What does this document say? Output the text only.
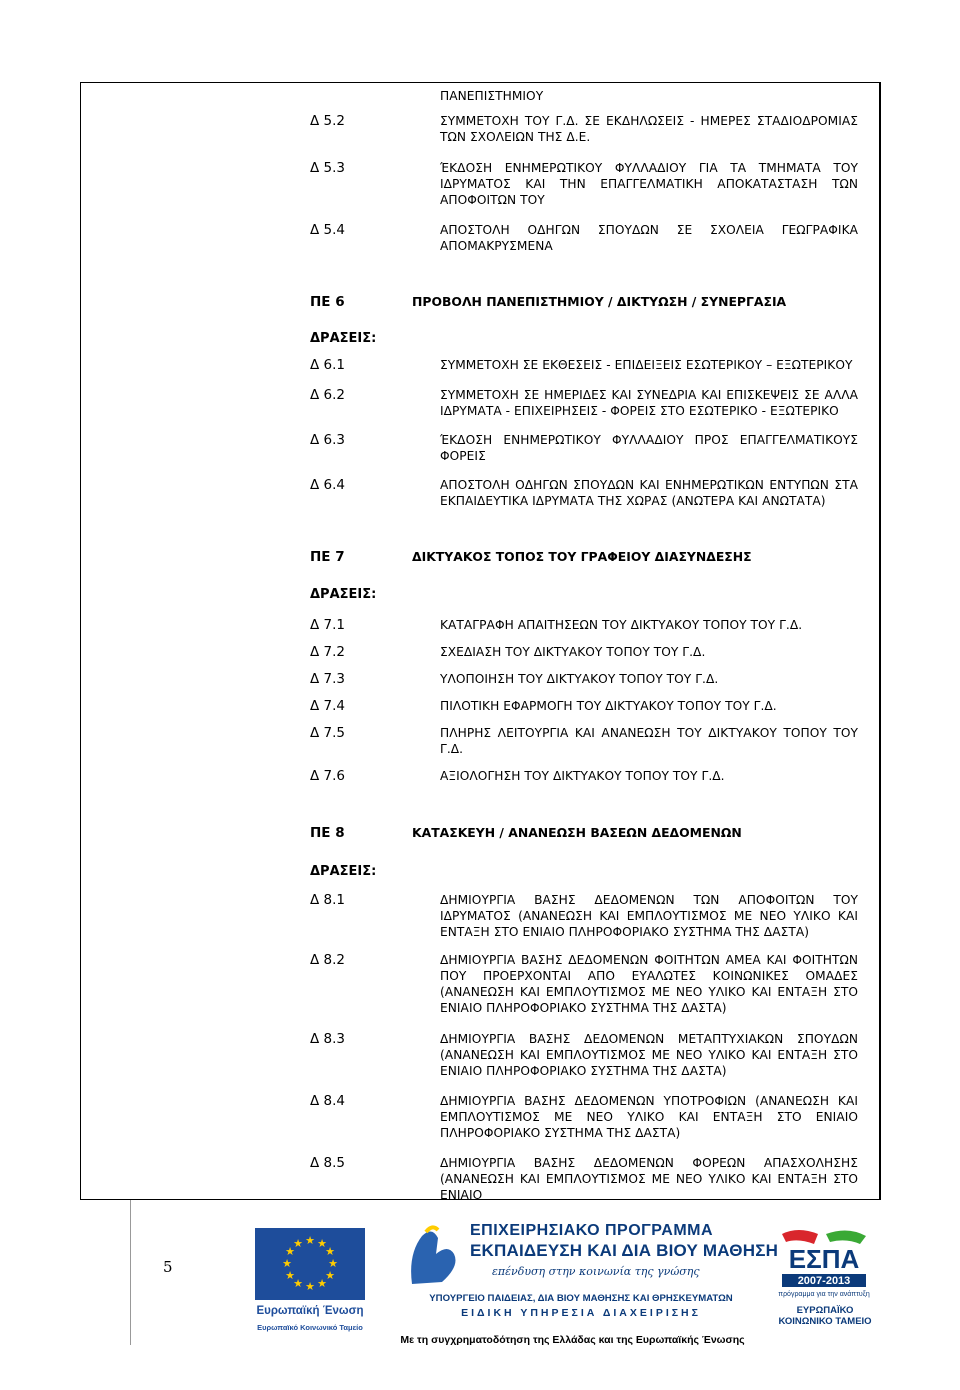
ΠΑΝΕΠΙΣΤΗΜΙΟΥ
Δ 5.2	ΣΥΜΜΕΤΟΧΗ ΤΟΥ Γ.Δ. ΣΕ ΕΚΔΗΛΩΣΕΙΣ - ΗΜΕΡΕΣ ΣΤΑΔΙΟΔΡΟΜΙΑΣ ΤΩΝ ΣΧΟΛΕΙΩΝ ΤΗΣ Δ.Ε.
Δ 5.3	ΈΚΔΟΣΗ ΕΝΗΜΕΡΩΤΙΚΟΥ ΦΥΛΛΑΔΙΟΥ ΓΙΑ ΤΑ ΤΜΗΜΑΤΑ ΤΟΥ ΙΔΡΥΜΑΤΟΣ ΚΑΙ ΤΗΝ ΕΠΑΓΓΕΛΜΑΤΙΚΗ ΑΠΟΚΑΤΑΣΤΑΣΗ ΤΩΝ ΑΠΟΦΟΙΤΩΝ ΤΟΥ
Δ 5.4	ΑΠΟΣΤΟΛΗ ΟΔΗΓΩΝ ΣΠΟΥΔΩΝ ΣΕ ΣΧΟΛΕΙΑ ΓΕΩΓΡΑΦΙΚΑ ΑΠΟΜΑΚΡΥΣΜΕΝΑ
ΠΕ 6	ΠΡΟΒΟΛΗ ΠΑΝΕΠΙΣΤΗΜΙΟΥ / ΔΙΚΤΥΩΣΗ / ΣΥΝΕΡΓΑΣΙΑ
ΔΡΑΣΕΙΣ:
Δ 6.1	ΣΥΜΜΕΤΟΧΗ ΣΕ ΕΚΘΕΣΕΙΣ - ΕΠΙΔΕΙΞΕΙΣ ΕΣΩΤΕΡΙΚΟΥ – ΕΞΩΤΕΡΙΚΟΥ
Δ 6.2	ΣΥΜΜΕΤΟΧΗ ΣΕ ΗΜΕΡΙΔΕΣ ΚΑΙ ΣΥΝΕΔΡΙΑ ΚΑΙ ΕΠΙΣΚΕΨΕΙΣ ΣΕ ΑΛΛΑ ΙΔΡΥΜΑΤΑ - ΕΠΙΧΕΙΡΗΣΕΙΣ - ΦΟΡΕΙΣ ΣΤΟ ΕΣΩΤΕΡΙΚΟ - ΕΞΩΤΕΡΙΚΟ
Δ 6.3	ΈΚΔΟΣΗ ΕΝΗΜΕΡΩΤΙΚΟΥ ΦΥΛΛΑΔΙΟΥ ΠΡΟΣ ΕΠΑΓΓΕΛΜΑΤΙΚΟΥΣ ΦΟΡΕΙΣ
Δ 6.4	ΑΠΟΣΤΟΛΗ ΟΔΗΓΩΝ ΣΠΟΥΔΩΝ ΚΑΙ ΕΝΗΜΕΡΩΤΙΚΩΝ ΕΝΤΥΠΩΝ ΣΤΑ ΕΚΠΑΙΔΕΥΤΙΚΑ ΙΔΡΥΜΑΤΑ ΤΗΣ ΧΩΡΑΣ (ΑΝΩΤΕΡΑ ΚΑΙ ΑΝΩΤΑΤΑ)
ΠΕ 7	ΔΙΚΤΥΑΚΟΣ ΤΟΠΟΣ ΤΟΥ ΓΡΑΦΕΙΟΥ ΔΙΑΣΥΝΔΕΣΗΣ
ΔΡΑΣΕΙΣ:
Δ 7.1	ΚΑΤΑΓΡΑΦΗ ΑΠΑΙΤΗΣΕΩΝ ΤΟΥ ΔΙΚΤΥΑΚΟΥ ΤΟΠΟΥ ΤΟΥ Γ.Δ.
Δ 7.2	ΣΧΕΔΙΑΣΗ ΤΟΥ ΔΙΚΤΥΑΚΟΥ ΤΟΠΟΥ ΤΟΥ Γ.Δ.
Δ 7.3	ΥΛΟΠΟΙΗΣΗ ΤΟΥ ΔΙΚΤΥΑΚΟΥ ΤΟΠΟΥ ΤΟΥ Γ.Δ.
Δ 7.4	ΠΙΛΟΤΙΚΗ ΕΦΑΡΜΟΓΗ ΤΟΥ ΔΙΚΤΥΑΚΟΥ ΤΟΠΟΥ ΤΟΥ Γ.Δ.
Δ 7.5	ΠΛΗΡΗΣ ΛΕΙΤΟΥΡΓΙΑ ΚΑΙ ΑΝΑΝΕΩΣΗ ΤΟΥ ΔΙΚΤΥΑΚΟΥ ΤΟΠΟΥ ΤΟΥ Γ.Δ.
Δ 7.6	ΑΞΙΟΛΟΓΗΣΗ ΤΟΥ ΔΙΚΤΥΑΚΟΥ ΤΟΠΟΥ ΤΟΥ Γ.Δ.
ΠΕ 8	ΚΑΤΑΣΚΕΥΗ / ΑΝΑΝΕΩΣΗ ΒΑΣΕΩΝ ΔΕΔΟΜΕΝΩΝ
ΔΡΑΣΕΙΣ:
Δ 8.1	ΔΗΜΙΟΥΡΓΙΑ ΒΑΣΗΣ ΔΕΔΟΜΕΝΩΝ ΤΩΝ ΑΠΟΦΟΙΤΩΝ ΤΟΥ ΙΔΡΥΜΑΤΟΣ (ΑΝΑΝΕΩΣΗ ΚΑΙ ΕΜΠΛΟΥΤΙΣΜΟΣ ΜΕ ΝΕΟ ΥΛΙΚΟ ΚΑΙ ΕΝΤΑΞΗ ΣΤΟ ΕΝΙΑΙΟ ΠΛΗΡΟΦΟΡΙΑΚΟ ΣΥΣΤΗΜΑ ΤΗΣ ΔΑΣΤΑ)
Δ 8.2	ΔΗΜΙΟΥΡΓΙΑ ΒΑΣΗΣ ΔΕΔΟΜΕΝΩΝ ΦΟΙΤΗΤΩΝ ΑΜΕΑ ΚΑΙ ΦΟΙΤΗΤΩΝ ΠΟΥ ΠΡΟΕΡΧΟΝΤΑΙ ΑΠΟ ΕΥΑΛΩΤΕΣ ΚΟΙΝΩΝΙΚΕΣ ΟΜΑΔΕΣ (ΑΝΑΝΕΩΣΗ ΚΑΙ ΕΜΠΛΟΥΤΙΣΜΟΣ ΜΕ ΝΕΟ ΥΛΙΚΟ ΚΑΙ ΕΝΤΑΞΗ ΣΤΟ ΕΝΙΑΙΟ ΠΛΗΡΟΦΟΡΙΑΚΟ ΣΥΣΤΗΜΑ ΤΗΣ ΔΑΣΤΑ)
Δ 8.3	ΔΗΜΙΟΥΡΓΙΑ ΒΑΣΗΣ ΔΕΔΟΜΕΝΩΝ ΜΕΤΑΠΤΥΧΙΑΚΩΝ ΣΠΟΥΔΩΝ (ΑΝΑΝΕΩΣΗ ΚΑΙ ΕΜΠΛΟΥΤΙΣΜΟΣ ΜΕ ΝΕΟ ΥΛΙΚΟ ΚΑΙ ΕΝΤΑΞΗ ΣΤΟ ΕΝΙΑΙΟ ΠΛΗΡΟΦΟΡΙΑΚΟ ΣΥΣΤΗΜΑ ΤΗΣ ΔΑΣΤΑ)
Δ 8.4	ΔΗΜΙΟΥΡΓΙΑ ΒΑΣΗΣ ΔΕΔΟΜΕΝΩΝ ΥΠΟΤΡΟΦΙΩΝ (ΑΝΑΝΕΩΣΗ ΚΑΙ ΕΜΠΛΟΥΤΙΣΜΟΣ ΜΕ ΝΕΟ ΥΛΙΚΟ ΚΑΙ ΕΝΤΑΞΗ ΣΤΟ ΕΝΙΑΙΟ ΠΛΗΡΟΦΟΡΙΑΚΟ ΣΥΣΤΗΜΑ ΤΗΣ ΔΑΣΤΑ)
Δ 8.5	ΔΗΜΙΟΥΡΓΙΑ ΒΑΣΗΣ ΔΕΔΟΜΕΝΩΝ ΦΟΡΕΩΝ ΑΠΑΣΧΟΛΗΣΗΣ (ΑΝΑΝΕΩΣΗ ΚΑΙ ΕΜΠΛΟΥΤΙΣΜΟΣ ΜΕ ΝΕΟ ΥΛΙΚΟ ΚΑΙ ΕΝΤΑΞΗ ΣΤΟ ΕΝΙΑΙΟ
5
★ ★
★
★
★
★
★
★
★
★
★
★
Ευρωπαϊκή Ένωση
Ευρωπαϊκό Κοινωνικό Ταμείο
ΕΠΙΧΕΙΡΗΣΙΑΚΟ ΠΡΟΓΡΑΜΜΑ
ΕΚΠΑΙΔΕΥΣΗ ΚΑΙ ΔΙΑ ΒΙΟΥ ΜΑΘΗΣΗ
επένδυση στην κοινωνία της γνώσης
ΥΠΟΥΡΓΕΙΟ ΠΑΙΔΕΙΑΣ, ΔΙΑ ΒΙΟΥ ΜΑΘΗΣΗΣ ΚΑΙ ΘΡΗΣΚΕΥΜΑΤΩΝ
ΕΙΔΙΚΗ ΥΠΗΡΕΣΙΑ ΔΙΑΧΕΙΡΙΣΗΣ
Με τη συγχρηματοδότηση της Ελλάδας και της Ευρωπαϊκής Ένωσης
ΕΣΠΑ
2007-2013
πρόγραμμα για την ανάπτυξη
ΕΥΡΩΠΑΪΚΟ ΚΟΙΝΩΝΙΚΟ ΤΑΜΕΙΟ
